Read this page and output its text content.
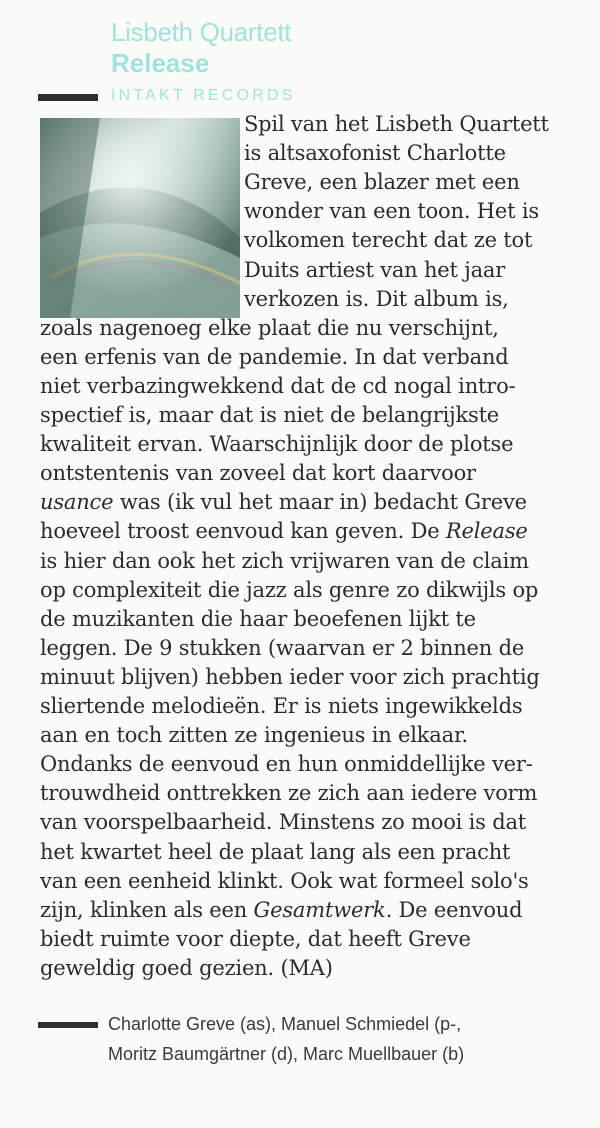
Lisbeth Quartett
Release
INTAKT RECORDS
Spil van het Lisbeth Quartett
is altsaxofonist Charlotte
Greve, een blazer met een
wonder van een toon. Het is
volkomen terecht dat ze tot
Duits artiest van het jaar
verkozen is. Dit album is,
zoals nagenoeg elke plaat die nu verschijnt,
een erfenis van de pandemie. In dat verband
niet verbazingwekkend dat de cd nogal intro-
spectief is, maar dat is niet de belangrijkste
kwaliteit ervan. Waarschijnlijk door de plotse
ontstentenis van zoveel dat kort daarvoor
usance was (ik vul het maar in) bedacht Greve
hoeveel troost eenvoud kan geven. De Release
is hier dan ook het zich vrijwaren van de claim
op complexiteit die jazz als genre zo dikwijls op
de muzikanten die haar beoefenen lijkt te
leggen. De 9 stukken (waarvan er 2 binnen de
minuut blijven) hebben ieder voor zich prachtig
sliertende melodieën. Er is niets ingewikkelds
aan en toch zitten ze ingenieus in elkaar.
Ondanks de eenvoud en hun onmiddellijke ver-
trouwdheid onttrekken ze zich aan iedere vorm
van voorspelbaarheid. Minstens zo mooi is dat
het kwartet heel de plaat lang als een pracht
van een eenheid klinkt. Ook wat formeel solo's
zijn, klinken als een Gesamtwerk. De eenvoud
biedt ruimte voor diepte, dat heeft Greve
geweldig goed gezien. (MA)
Charlotte Greve (as), Manuel Schmiedel (p-,
Moritz Baumgärtner (d), Marc Muellbauer (b)
